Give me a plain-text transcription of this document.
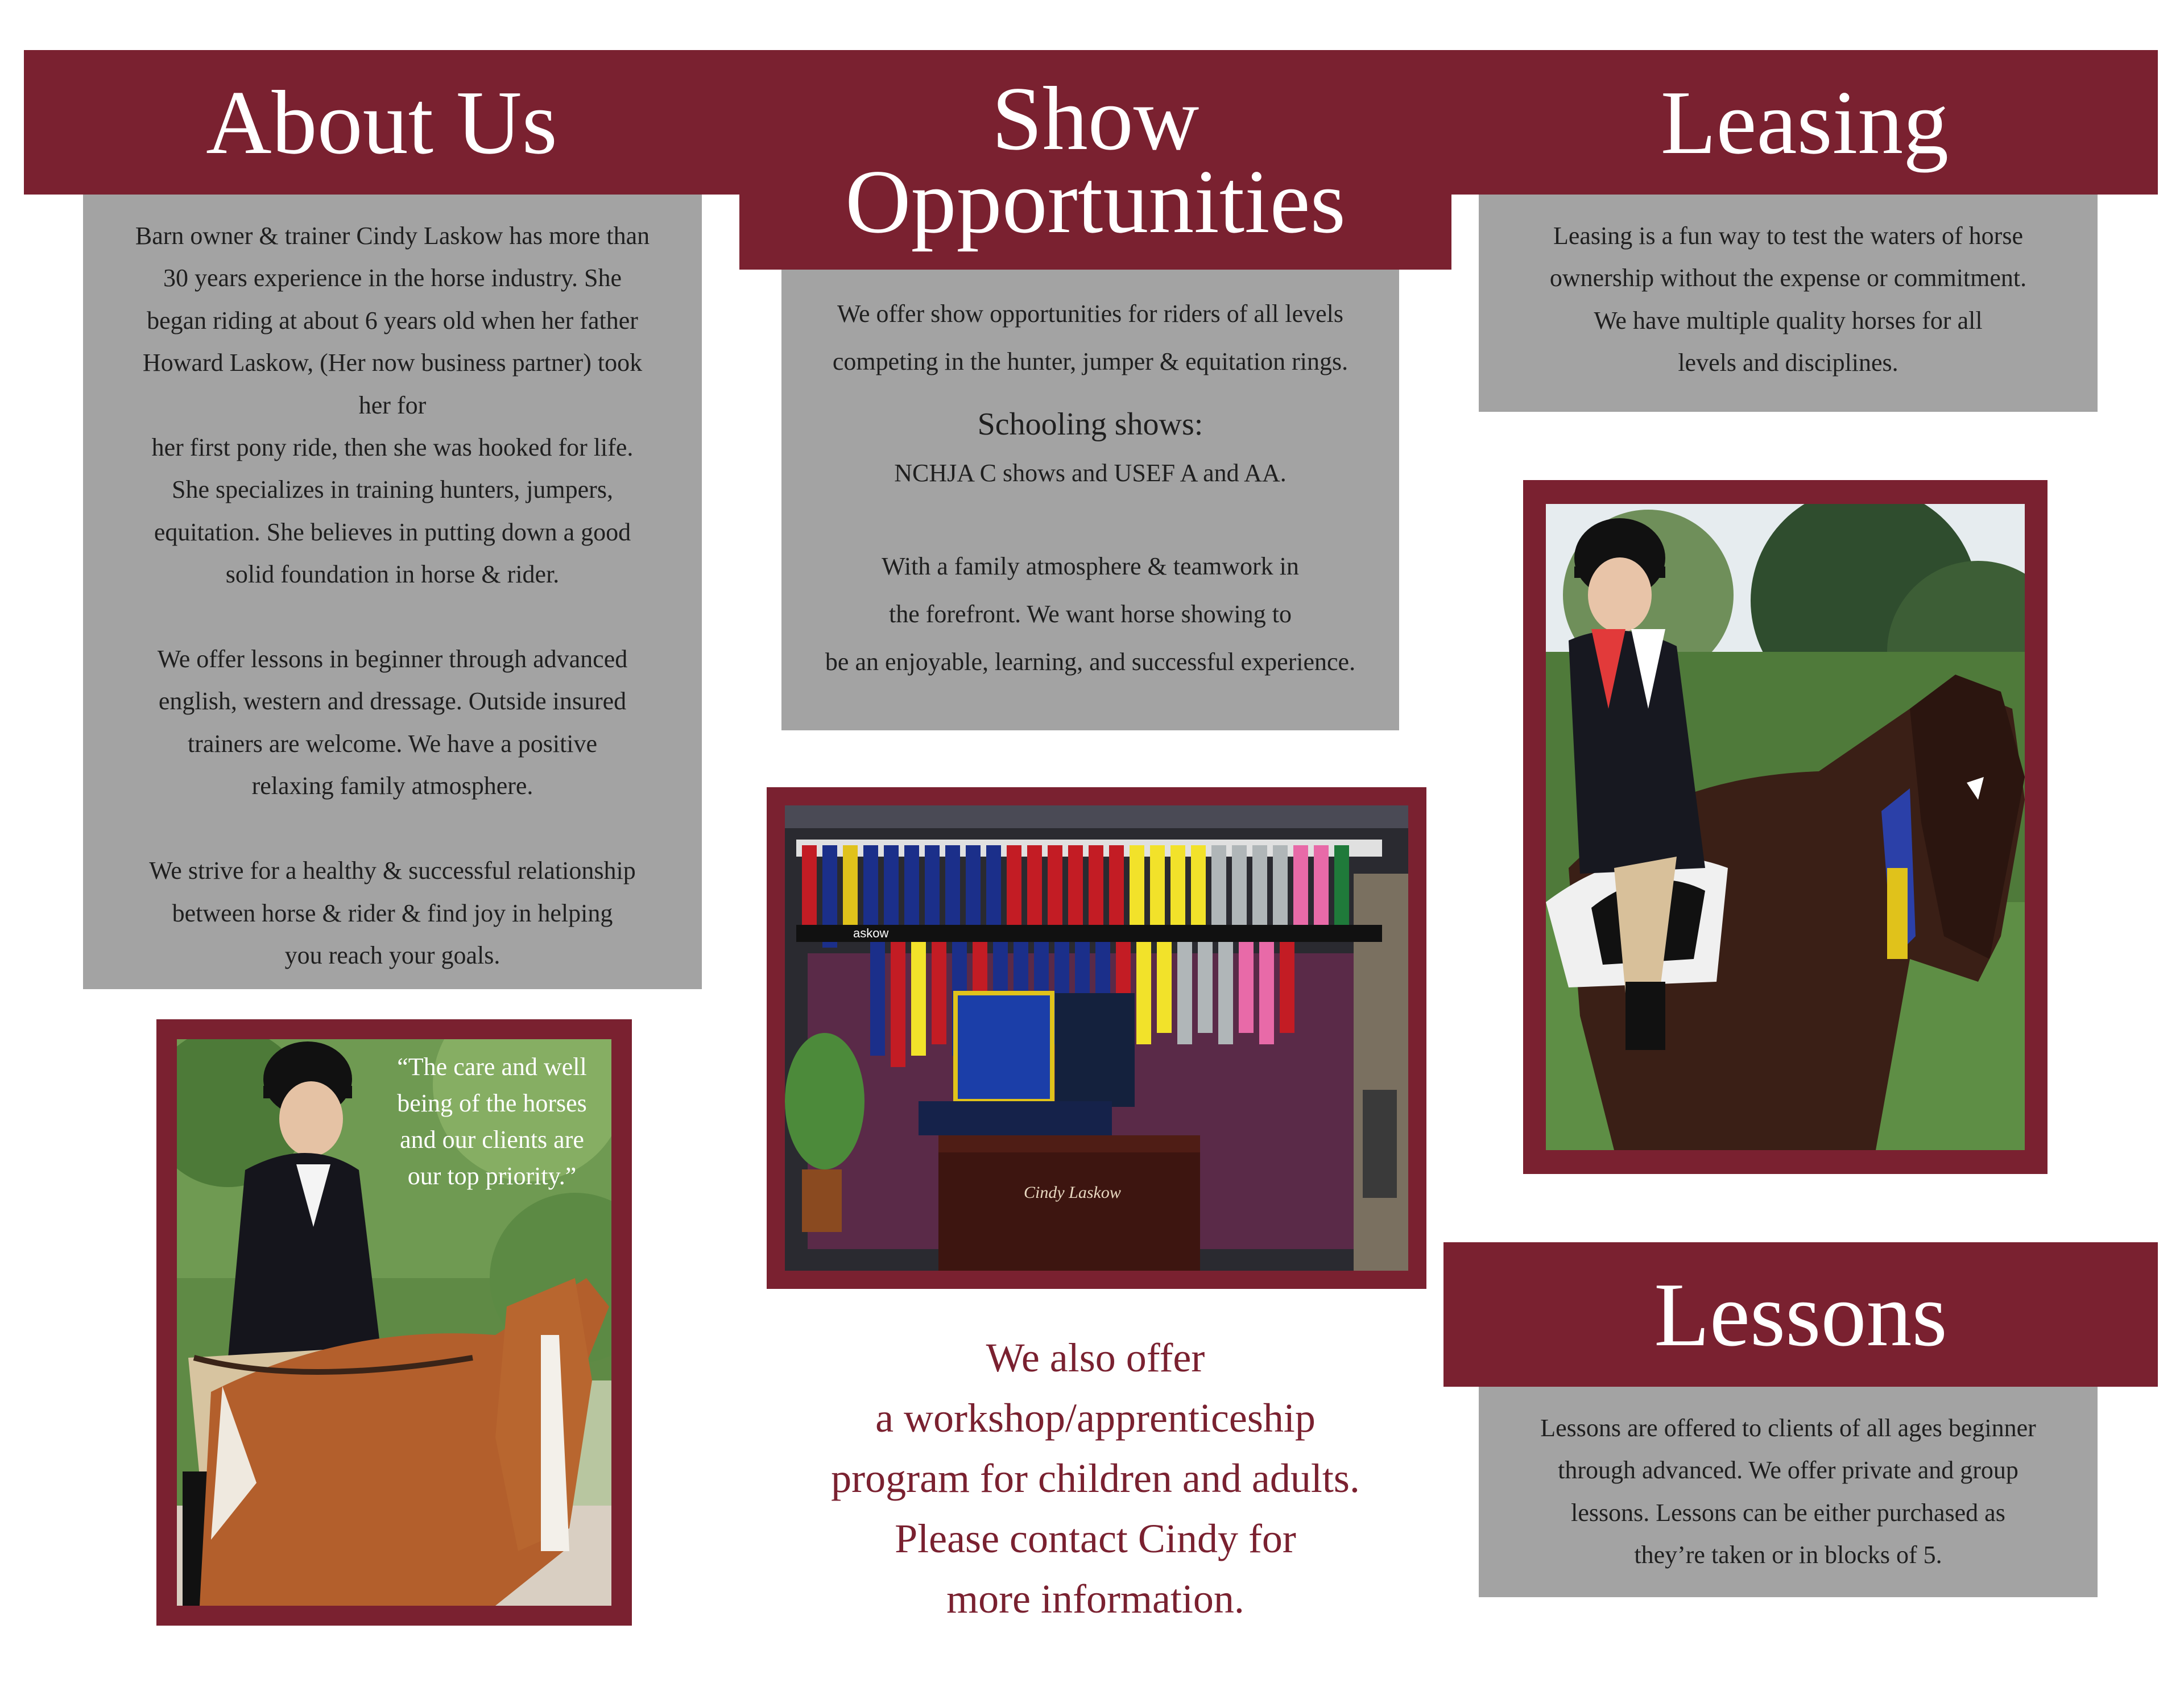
About Us

Barn owner & trainer Cindy Laskow has more than

30 years experience in the horse industry. She

began riding at about 6 years old when her father

Howard Laskow, (Her now business partner) took

her for

her first pony ride, then she was hooked for life.

She specializes in training hunters, jumpers,

equitation. She believes in putting down a good

solid foundation in horse & rider.

We offer lessons in beginner through advanced

english, western and dressage. Outside insured

trainers are welcome. We have a positive

relaxing family atmosphere.

We strive for a healthy & successful relationship

between horse & rider & find joy in helping

you reach your goals.

“The care and well
being of the horses
and our clients are
our top priority.”
Show
Opportunities

We offer show opportunities for riders of all levels

competing in the hunter, jumper & equitation rings.

Schooling shows:

NCHJA C shows and USEF A and AA.

With a family atmosphere & teamwork in

the forefront. We want horse showing to

be an enjoyable, learning, and successful experience.

askow
Cindy Laskow
We also offer
a workshop/apprenticeship
program for children and adults.
Please contact Cindy for
more information.
Leasing

Leasing is a fun way to test the waters of horse

ownership without the expense or commitment.

We have multiple quality horses for all

levels and disciplines.

Lessons

Lessons are offered to clients of all ages beginner

through advanced. We offer private and group

lessons. Lessons can be either purchased as

they’re taken or in blocks of 5.
